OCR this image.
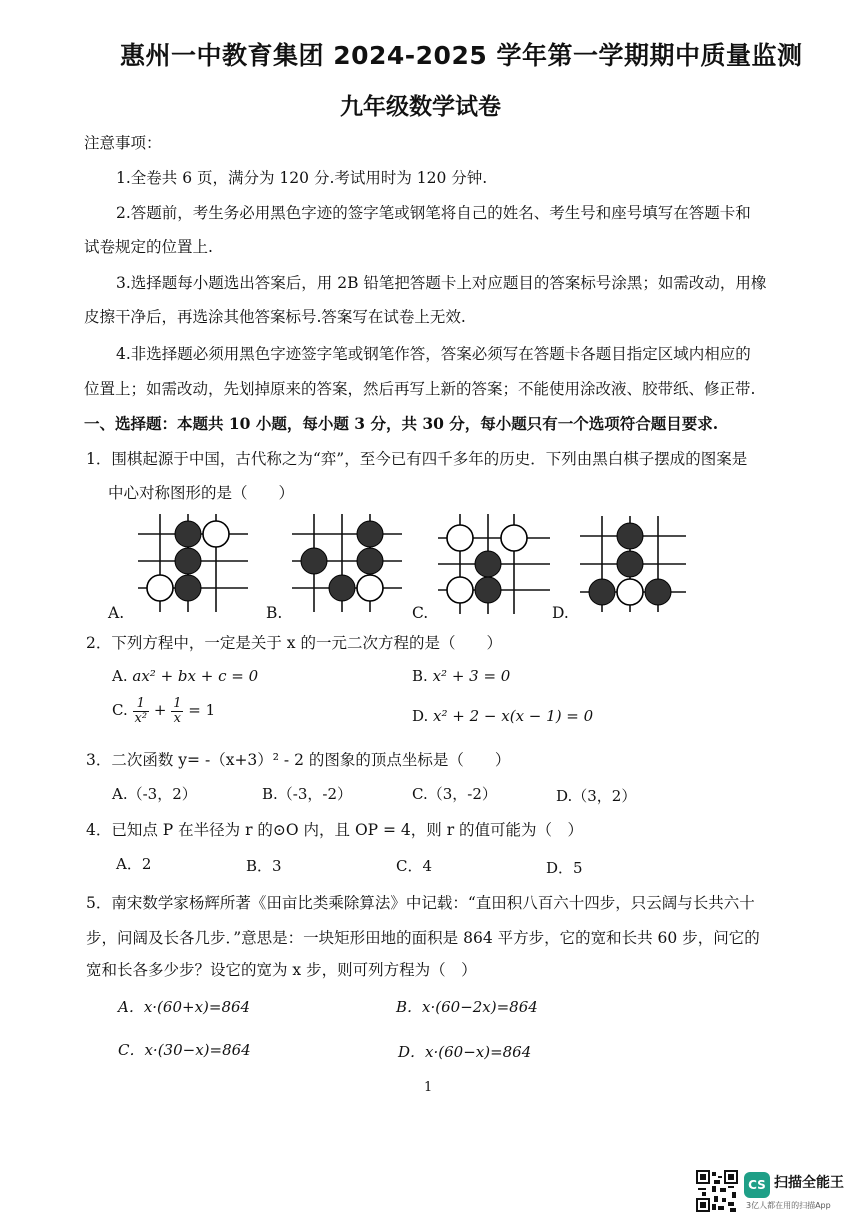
惠州一中教育集团 2024-2025 学年第一学期期中质量监测
九年级数学试卷
注意事项：
1.全卷共 6 页，满分为 120 分.考试用时为 120 分钟.
2.答题前，考生务必用黑色字迹的签字笔或钢笔将自己的姓名、考生号和座号填写在答题卡和
试卷规定的位置上.
3.选择题每小题选出答案后，用 2B 铅笔把答题卡上对应题目的答案标号涂黑；如需改动，用橡
皮擦干净后，再选涂其他答案标号.答案写在试卷上无效.
4.非选择题必须用黑色字迹签字笔或钢笔作答，答案必须写在答题卡各题目指定区域内相应的
位置上；如需改动，先划掉原来的答案，然后再写上新的答案；不能使用涂改液、胶带纸、修正带.
一、选择题：本题共 10 小题，每小题 3 分，共 30 分，每小题只有一个选项符合题目要求.
1．围棋起源于中国，古代称之为“弈”，至今已有四千多年的历史．下列由黑白棋子摆成的图案是
中心对称图形的是（　　）
A.	B.	C.	D.
2．下列方程中，一定是关于 x 的一元二次方程的是（　　）
A. ax² + bx + c = 0	B. x² + 3 = 0
C. $\frac{1}{\text{x²}} + \frac{1}{x} = 1$	D. x² + 2 − x(x − 1) = 0
3．二次函数 y= -（x+3）² - 2 的图象的顶点坐标是（　　）
A.（-3，2）	B.（-3，-2）	C.（3，-2）	D.（3，2）
4．已知点 P 在半径为 r 的⊙O 内，且 OP = 4，则 r 的值可能为（　）
A．2	B．3	C．4	D．5
5．南宋数学家杨辉所著《田亩比类乘除算法》中记载：“直田积八百六十四步，只云阔与长共六十
步，问阔及长各几步．”意思是：一块矩形田地的面积是 864 平方步，它的宽和长共 60 步，问它的
宽和长各多少步？设它的宽为 x 步，则可列方程为（　）
A．x·(60+x)=864	B．x·(60−2x)=864
C．x·(30−x)=864	D．x·(60−x)=864
1
CS 扫描全能王
3亿人都在用的扫描App
